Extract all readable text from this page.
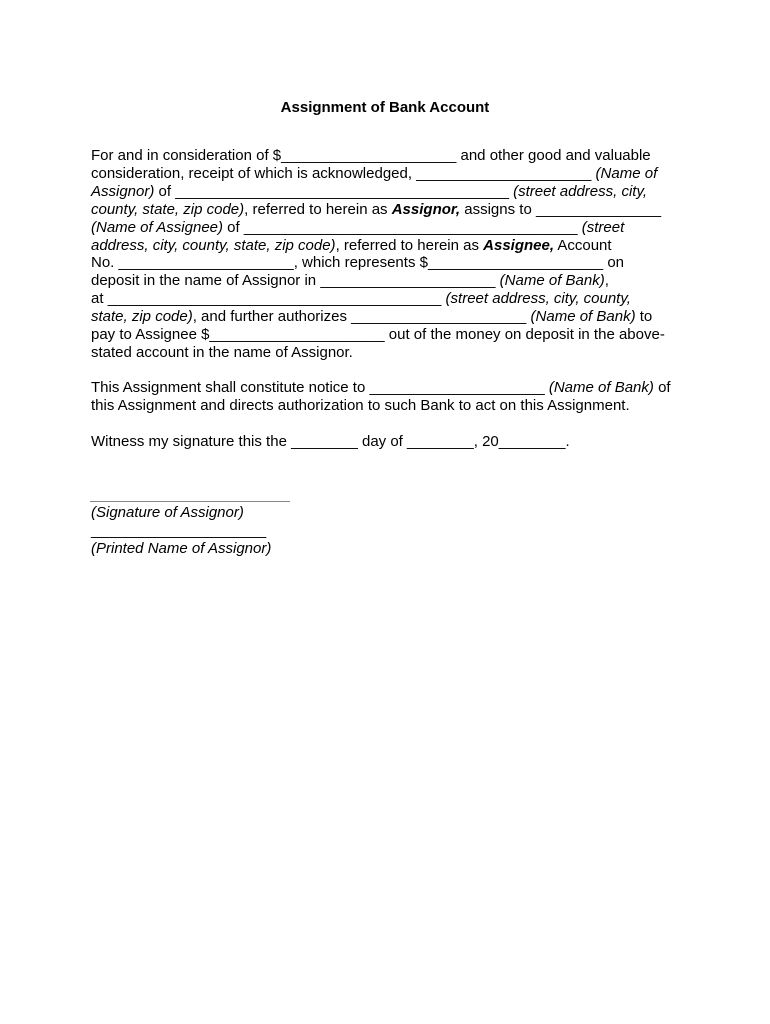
Assignment of Bank Account
For and in consideration of $_____________________ and other good and valuable
consideration, receipt of which is acknowledged, _____________________ (Name of
Assignor) of ________________________________________ (street address, city,
county, state, zip code), referred to herein as Assignor, assigns to _______________
(Name of Assignee) of ________________________________________ (street
address, city, county, state, zip code), referred to herein as Assignee, Account
No. _____________________, which represents $_____________________ on
deposit in the name of Assignor in _____________________ (Name of Bank),
at ________________________________________ (street address, city, county,
state, zip code), and further authorizes _____________________ (Name of Bank) to
pay to Assignee $_____________________ out of the money on deposit in the above-
stated account in the name of Assignor.
This Assignment shall constitute notice to _____________________ (Name of Bank) of
this Assignment and directs authorization to such Bank to act on this Assignment.
Witness my signature this the ________ day of ________, 20________.
(Signature of Assignor)
_____________________
(Printed Name of Assignor)
